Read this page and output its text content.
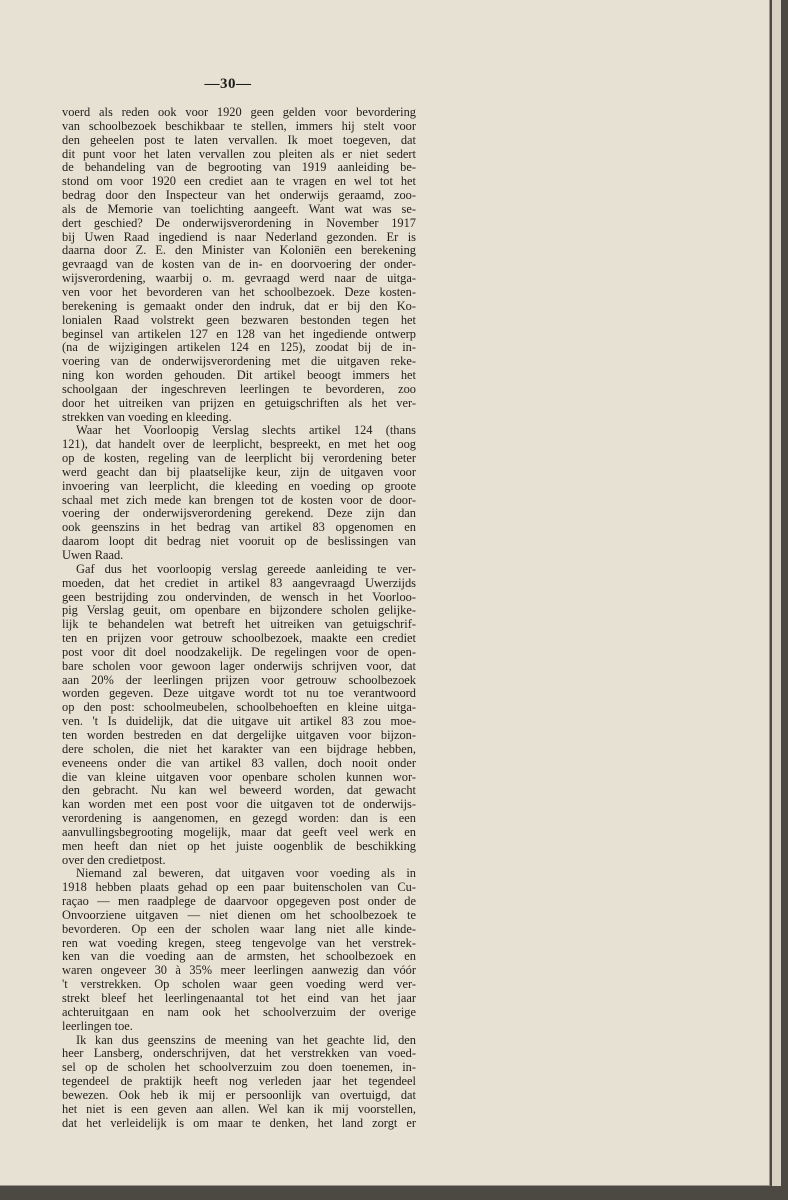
—30—
voerd als reden ook voor 1920 geen gelden voor bevordering
van schoolbezoek beschikbaar te stellen, immers hij stelt voor
den geheelen post te laten vervallen. Ik moet toegeven, dat
dit punt voor het laten vervallen zou pleiten als er niet sedert
de behandeling van de begrooting van 1919 aanleiding be-
stond om voor 1920 een crediet aan te vragen en wel tot het
bedrag door den Inspecteur van het onderwijs geraamd, zoo-
als de Memorie van toelichting aangeeft. Want wat was se-
dert geschied? De onderwijsverordening in November 1917
bij Uwen Raad ingediend is naar Nederland gezonden. Er is
daarna door Z. E. den Minister van Koloniën een berekening
gevraagd van de kosten van de in- en doorvoering der onder-
wijsverordening, waarbij o. m. gevraagd werd naar de uitga-
ven voor het bevorderen van het schoolbezoek. Deze kosten-
berekening is gemaakt onder den indruk, dat er bij den Ko-
lonialen Raad volstrekt geen bezwaren bestonden tegen het
beginsel van artikelen 127 en 128 van het ingediende ontwerp
(na de wijzigingen artikelen 124 en 125), zoodat bij de in-
voering van de onderwijsverordening met die uitgaven reke-
ning kon worden gehouden. Dit artikel beoogt immers het
schoolgaan der ingeschreven leerlingen te bevorderen, zoo
door het uitreiken van prijzen en getuigschriften als het ver-
strekken van voeding en kleeding.
Waar het Voorloopig Verslag slechts artikel 124 (thans
121), dat handelt over de leerplicht, bespreekt, en met het oog
op de kosten, regeling van de leerplicht bij verordening beter
werd geacht dan bij plaatselijke keur, zijn de uitgaven voor
invoering van leerplicht, die kleeding en voeding op groote
schaal met zich mede kan brengen tot de kosten voor de door-
voering der onderwijsverordening gerekend. Deze zijn dan
ook geenszins in het bedrag van artikel 83 opgenomen en
daarom loopt dit bedrag niet vooruit op de beslissingen van
Uwen Raad.
Gaf dus het voorloopig verslag gereede aanleiding te ver-
moeden, dat het crediet in artikel 83 aangevraagd Uwerzijds
geen bestrijding zou ondervinden, de wensch in het Voorloo-
pig Verslag geuit, om openbare en bijzondere scholen gelijke-
lijk te behandelen wat betreft het uitreiken van getuigschrif-
ten en prijzen voor getrouw schoolbezoek, maakte een crediet
post voor dit doel noodzakelijk. De regelingen voor de open-
bare scholen voor gewoon lager onderwijs schrijven voor, dat
aan 20% der leerlingen prijzen voor getrouw schoolbezoek
worden gegeven. Deze uitgave wordt tot nu toe verantwoord
op den post: schoolmeubelen, schoolbehoeften en kleine uitga-
ven. 't Is duidelijk, dat die uitgave uit artikel 83 zou moe-
ten worden bestreden en dat dergelijke uitgaven voor bijzon-
dere scholen, die niet het karakter van een bijdrage hebben,
eveneens onder die van artikel 83 vallen, doch nooit onder
die van kleine uitgaven voor openbare scholen kunnen wor-
den gebracht. Nu kan wel beweerd worden, dat gewacht
kan worden met een post voor die uitgaven tot de onderwijs-
verordening is aangenomen, en gezegd worden: dan is een
aanvullingsbegrooting mogelijk, maar dat geeft veel werk en
men heeft dan niet op het juiste oogenblik de beschikking
over den credietpost.
Niemand zal beweren, dat uitgaven voor voeding als in
1918 hebben plaats gehad op een paar buitenscholen van Cu-
raçao — men raadplege de daarvoor opgegeven post onder de
Onvoorziene uitgaven — niet dienen om het schoolbezoek te
bevorderen. Op een der scholen waar lang niet alle kinde-
ren wat voeding kregen, steeg tengevolge van het verstrek-
ken van die voeding aan de armsten, het schoolbezoek en
waren ongeveer 30 à 35% meer leerlingen aanwezig dan vóór
't verstrekken. Op scholen waar geen voeding werd ver-
strekt bleef het leerlingenaantal tot het eind van het jaar
achteruitgaan en nam ook het schoolverzuim der overige
leerlingen toe.
Ik kan dus geenszins de meening van het geachte lid, den
heer Lansberg, onderschrijven, dat het verstrekken van voed-
sel op de scholen het schoolverzuim zou doen toenemen, in-
tegendeel de praktijk heeft nog verleden jaar het tegendeel
bewezen. Ook heb ik mij er persoonlijk van overtuigd, dat
het niet is een geven aan allen. Wel kan ik mij voorstellen,
dat het verleidelijk is om maar te denken, het land zorgt er
